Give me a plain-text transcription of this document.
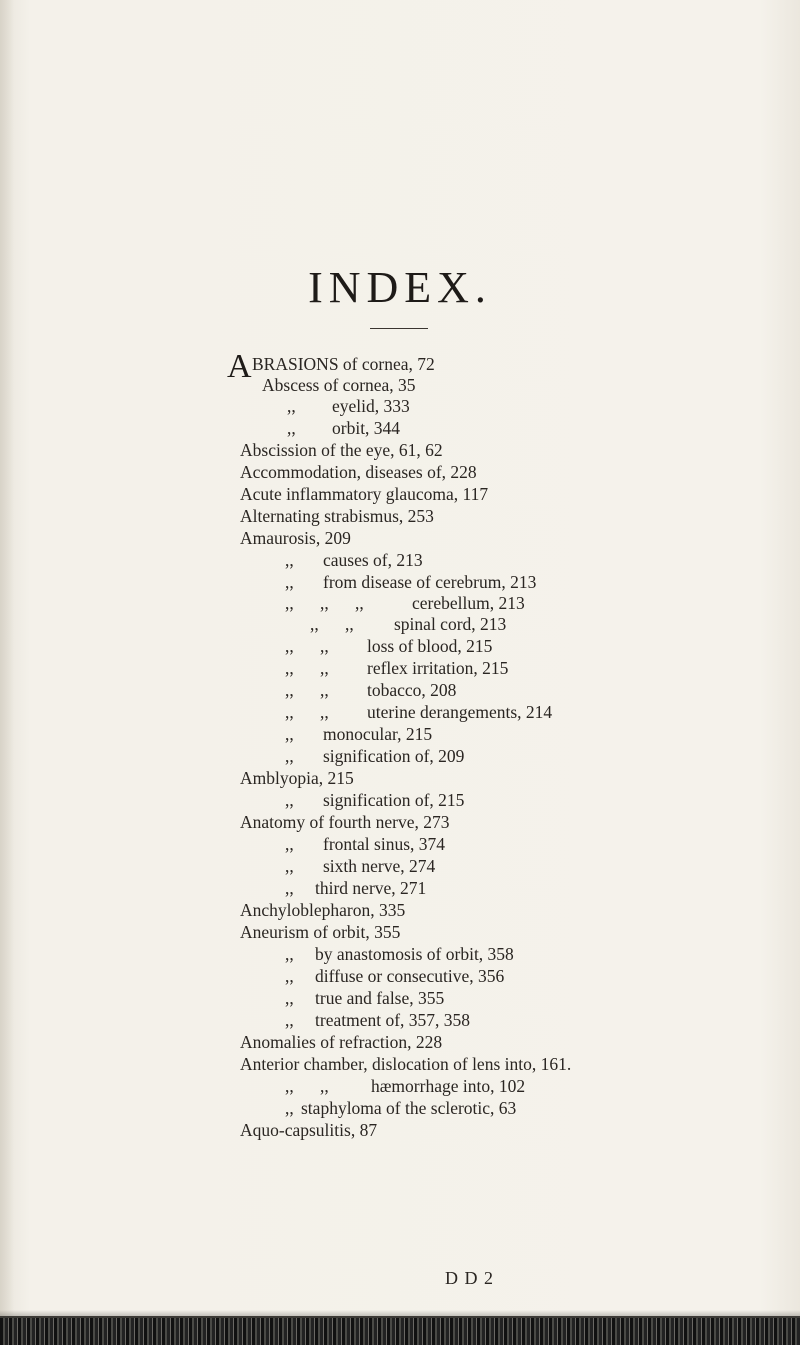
INDEX.
A BRASIONS of cornea, 72
Abscess of cornea, 35
,, eyelid, 333
,, orbit, 344
Abscission of the eye, 61, 62
Accommodation, diseases of, 228
Acute inflammatory glaucoma, 117
Alternating strabismus, 253
Amaurosis, 209
,, causes of, 213
,, from disease of cerebrum, 213
,,      ,,      ,,	cerebellum, 213
,,      ,, spinal cord, 213
,,      ,, loss of blood, 215
,,      ,, reflex irritation, 215
,,      ,, tobacco, 208
,,      ,, uterine derangements, 214
,, monocular, 215
,, signification of, 209
Amblyopia, 215
,, signification of, 215
Anatomy of fourth nerve, 273
,, frontal sinus, 374
,, sixth nerve, 274
,, third nerve, 271
Anchyloblepharon, 335
Aneurism of orbit, 355
,, by anastomosis of orbit, 358
,, diffuse or consecutive, 356
,, true and false, 355
,, treatment of, 357, 358
Anomalies of refraction, 228
Anterior chamber, dislocation of lens into, 161.
,,      ,, hæmorrhage into, 102
,, staphyloma of the sclerotic, 63
Aquo-capsulitis, 87
D D 2
